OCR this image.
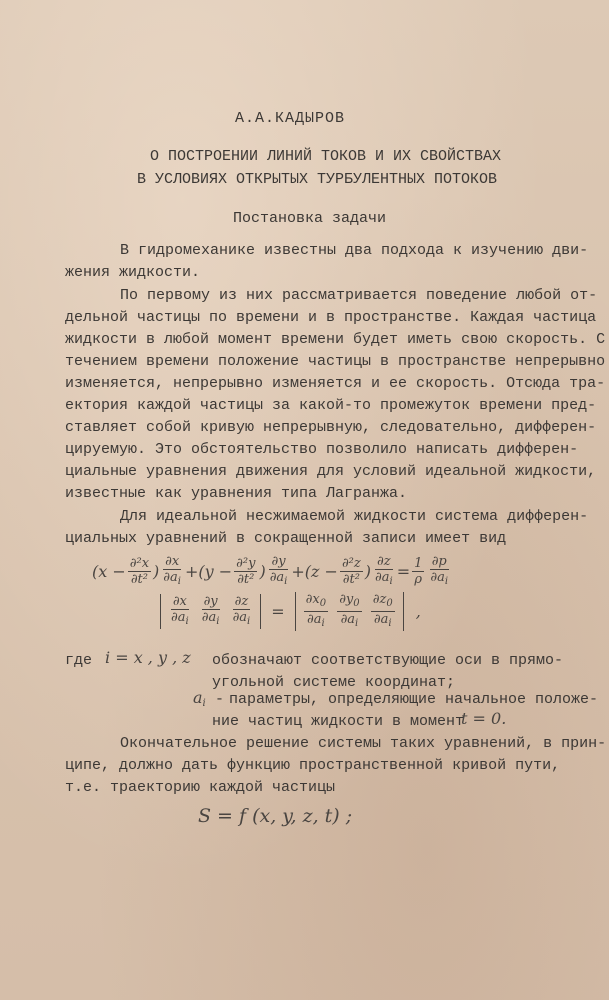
А.А.КАДЫРОВ
О ПОСТРОЕНИИ ЛИНИЙ ТОКОВ И ИХ СВОЙСТВАХ
В УСЛОВИЯХ ОТКРЫТЫХ ТУРБУЛЕНТНЫХ ПОТОКОВ
Постановка задачи
В гидромеханике известны два подхода к изучению дви-
жения жидкости.
По первому из них рассматривается поведение любой от-
дельной частицы по времени и в пространстве. Каждая частица
жидкости в любой момент времени будет иметь свою скорость. С
течением времени положение частицы в пространстве непрерывно
изменяется, непрерывно изменяется и ее скорость. Отсюда тра-
ектория каждой частицы за какой-то промежуток времени пред-
ставляет собой кривую непрерывную, следовательно, дифферен-
цируемую. Это обстоятельство позволило написать дифферен-
циальные уравнения движения для условий идеальной жидкости,
известные как уравнения типа Лагранжа.
Для идеальной несжимаемой жидкости система дифферен-
циальных уравнений в сокращенной записи имеет вид
($x - \frac{\text{∂²x}}{\text{∂t²}}$ ) $\frac{\partial x}{\partial a_i} + (y - \frac{\text{∂²y}}{\text{∂t²}}$ ) $\frac{\partial y}{\partial a_i} + (z - \frac{\text{∂²z}}{\text{∂t²}}$ ) $\frac{\partial z}{\partial a_i} = \frac{1}{\rho} \frac{\partial p}{\partial a_i}$
$\frac{\partial x}{\partial a_i}$
$\frac{\partial y}{\partial a_i}$
$\frac{\partial z}{\partial a_i} = \frac{\partial x_0}{\partial a_i}$
$\frac{\partial y_0}{\partial a_i}$
$\frac{\partial z_0}{\partial a_i}$ ,
где i = x , y , z обозначают соответствующие оси в прямо-
угольной системе координат;
$a_i$ - параметры, определяющие начальное положе-
ние частиц жидкости в момент
t = 0.
Окончательное решение системы таких уравнений, в прин-
ципе, должно дать функцию пространственной кривой пути,
т.е. траекторию каждой частицы
S = f (x, y, z, t) ;
